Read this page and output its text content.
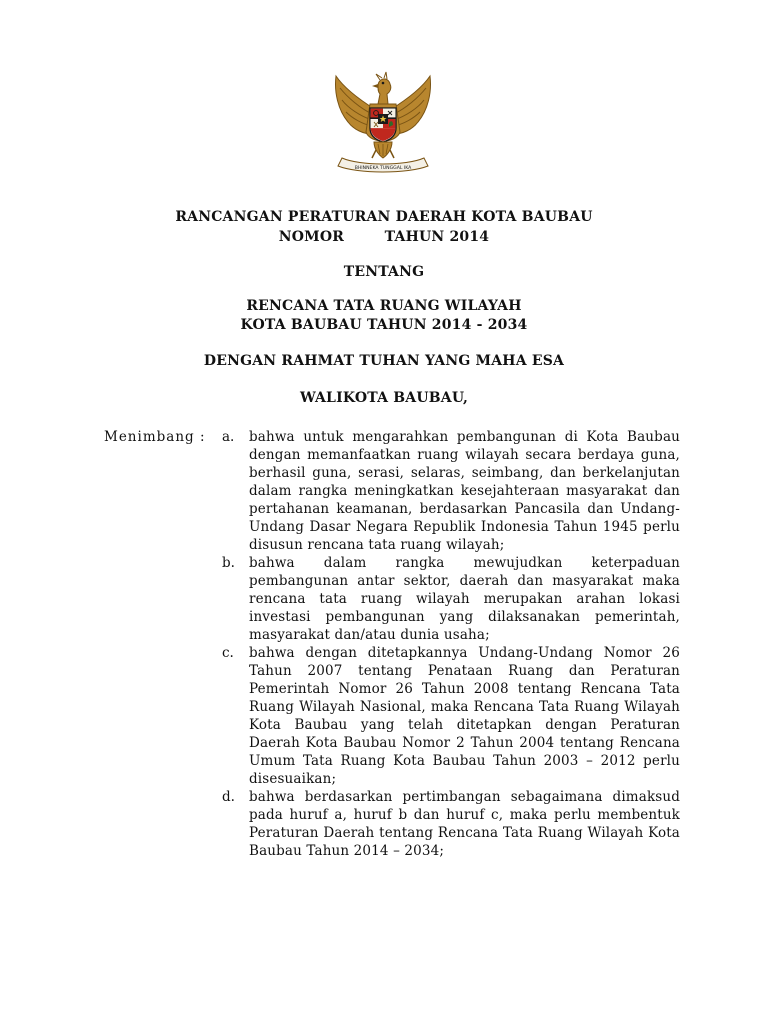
BHINNEKA TUNGGAL IKA
RANCANGAN PERATURAN DAERAH KOTA BAUBAU
NOMOR        TAHUN 2014
TENTANG
RENCANA TATA RUANG WILAYAH
KOTA BAUBAU TAHUN 2014 - 2034
DENGAN RAHMAT TUHAN YANG MAHA ESA
WALIKOTA BAUBAU,
Menimbang : a.	bahwa untuk mengarahkan pembangunan di Kota Baubau dengan memanfaatkan ruang wilayah secara berdaya guna, berhasil guna, serasi, selaras, seimbang, dan berkelanjutan dalam rangka meningkatkan kesejahteraan masyarakat dan pertahanan keamanan, berdasarkan Pancasila dan Undang-Undang Dasar Negara Republik Indonesia Tahun 1945 perlu disusun rencana tata ruang wilayah;
b.	bahwa dalam rangka mewujudkan keterpaduan pembangunan antar sektor, daerah dan masyarakat maka rencana tata ruang wilayah merupakan arahan lokasi investasi pembangunan yang dilaksanakan pemerintah, masyarakat dan/atau dunia usaha;
c.	bahwa dengan ditetapkannya Undang-Undang Nomor 26 Tahun 2007 tentang Penataan Ruang dan Peraturan Pemerintah Nomor 26 Tahun 2008 tentang Rencana Tata Ruang Wilayah Nasional, maka Rencana Tata Ruang Wilayah Kota Baubau yang telah ditetapkan dengan Peraturan Daerah Kota Baubau Nomor 2 Tahun 2004 tentang Rencana Umum Tata Ruang Kota Baubau Tahun 2003 – 2012 perlu disesuaikan;
d.	bahwa berdasarkan pertimbangan sebagaimana dimaksud pada huruf a, huruf b dan huruf c, maka perlu membentuk Peraturan Daerah tentang Rencana Tata Ruang Wilayah Kota Baubau Tahun 2014 – 2034;
